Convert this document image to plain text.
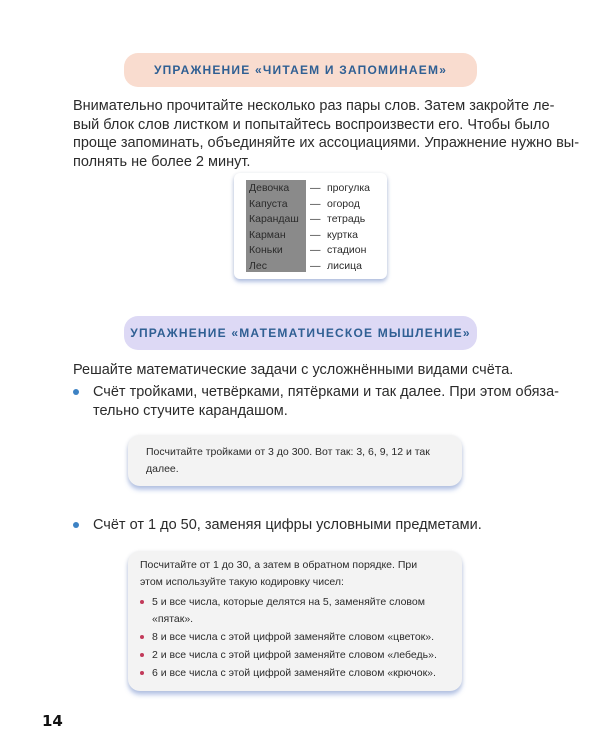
УПРАЖНЕНИЕ «ЧИТАЕМ И ЗАПОМИНАЕМ»

Внимательно прочитайте несколько раз пары слов. Затем закройте ле-
вый блок слов листком и попытайтесь воспроизвести его. Чтобы было
проще запоминать, объединяйте их ассоциациями. Упражнение нужно вы-
полнять не более 2 минут.

Девочка — прогулка
Капуста — огород
Карандаш — тетрадь
Карман — куртка
Коньки	— стадион
Лес	— лисица
УПРАЖНЕНИЕ «МАТЕМАТИЧЕСКОЕ МЫШЛЕНИЕ»
Решайте математические задачи с усложнёнными видами счёта.
Счёт тройками, четвёрками, пятёрками и так далее. При этом обяза-
тельно стучите карандашом.
Посчитайте тройками от 3 до 300. Вот так: 3, 6, 9, 12 и так
далее.
Счёт от 1 до 50, заменяя цифры условными предметами.
Посчитайте от 1 до 30, а затем в обратном порядке. При
этом используйте такую кодировку чисел:
5 и все числа, которые делятся на 5, заменяйте словом
«пятак».
8 и все числа с этой цифрой заменяйте словом «цветок».
2 и все числа с этой цифрой заменяйте словом «лебедь».
6 и все числа с этой цифрой заменяйте словом «крючок».
14
